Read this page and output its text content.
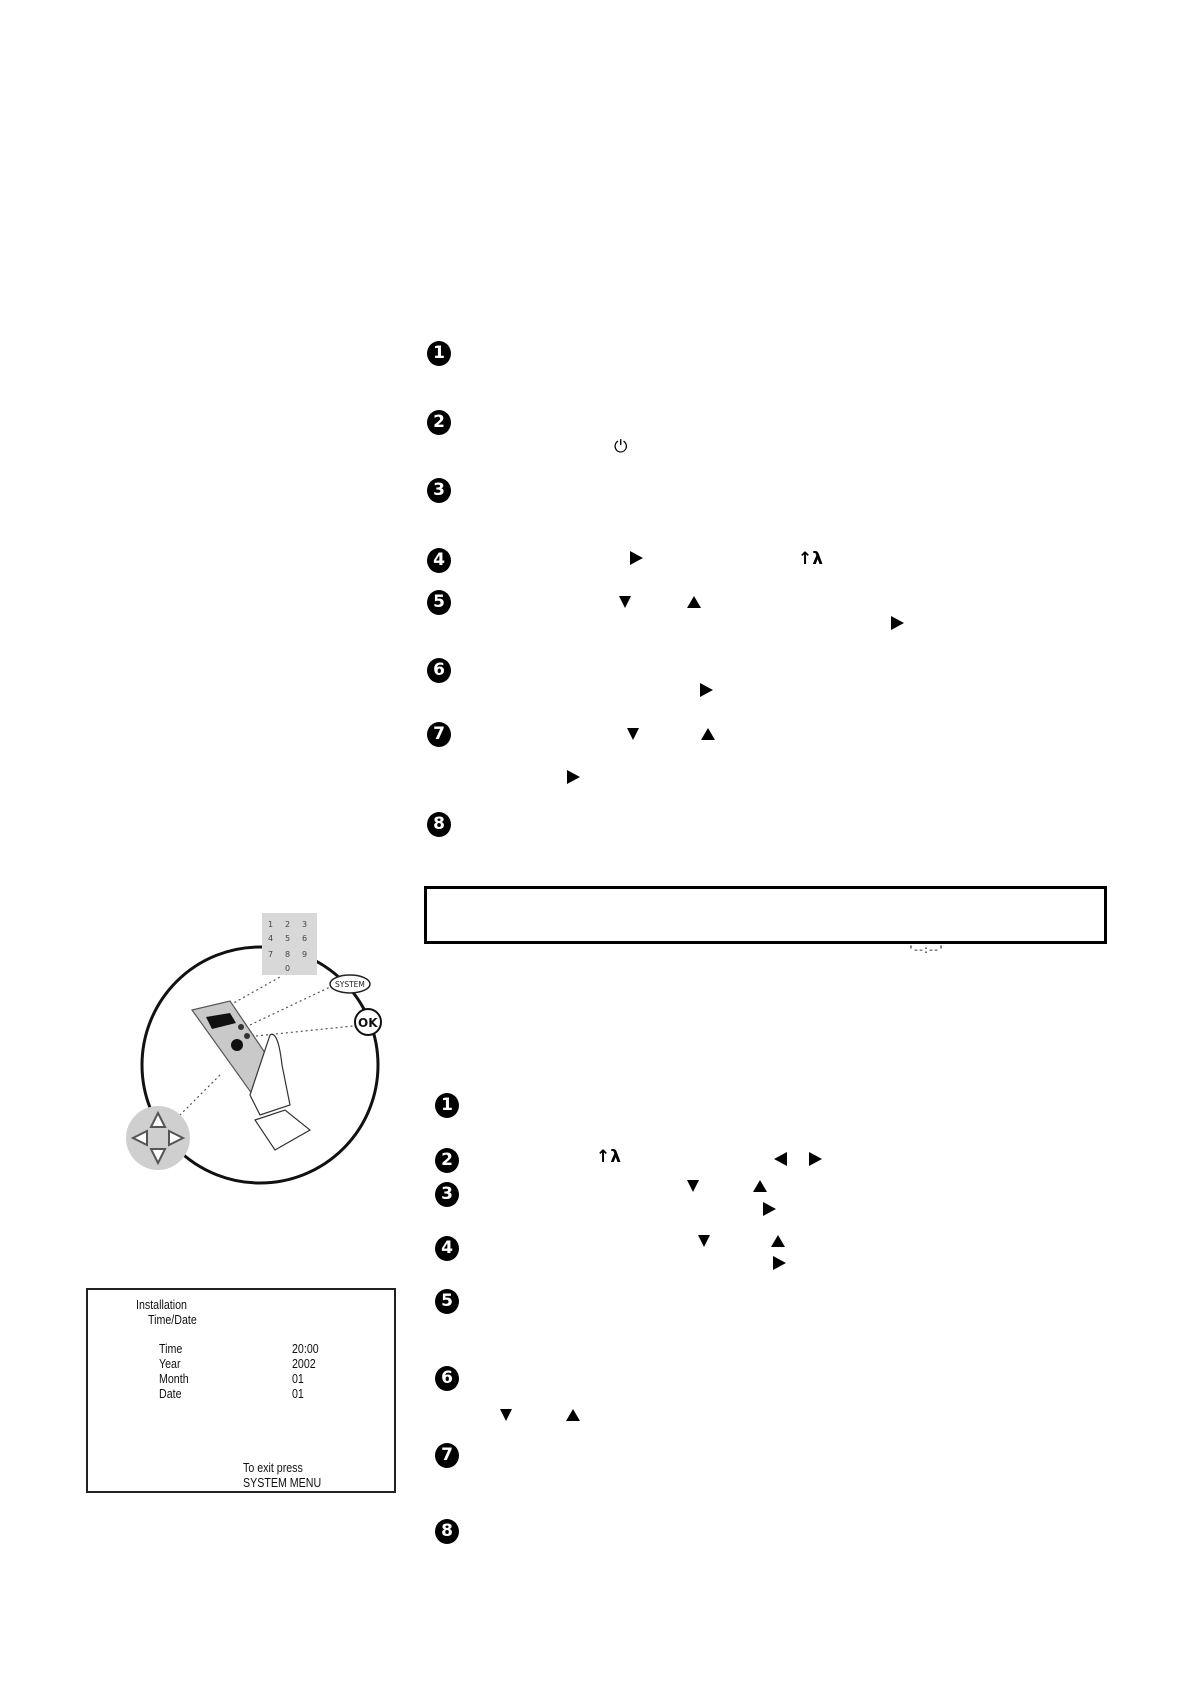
1
2
⏻
3
4	↑λ
5
6
7
8
'--:--'
1 2 3
4 5 6
7 8 9
0
SYSTEM
OK
1
2	↑λ
3
4
5
6
7
8
Installation
Time/Date
Time	20:00
Year	2002
Month	01
Date	01
To exit press
SYSTEM MENU
